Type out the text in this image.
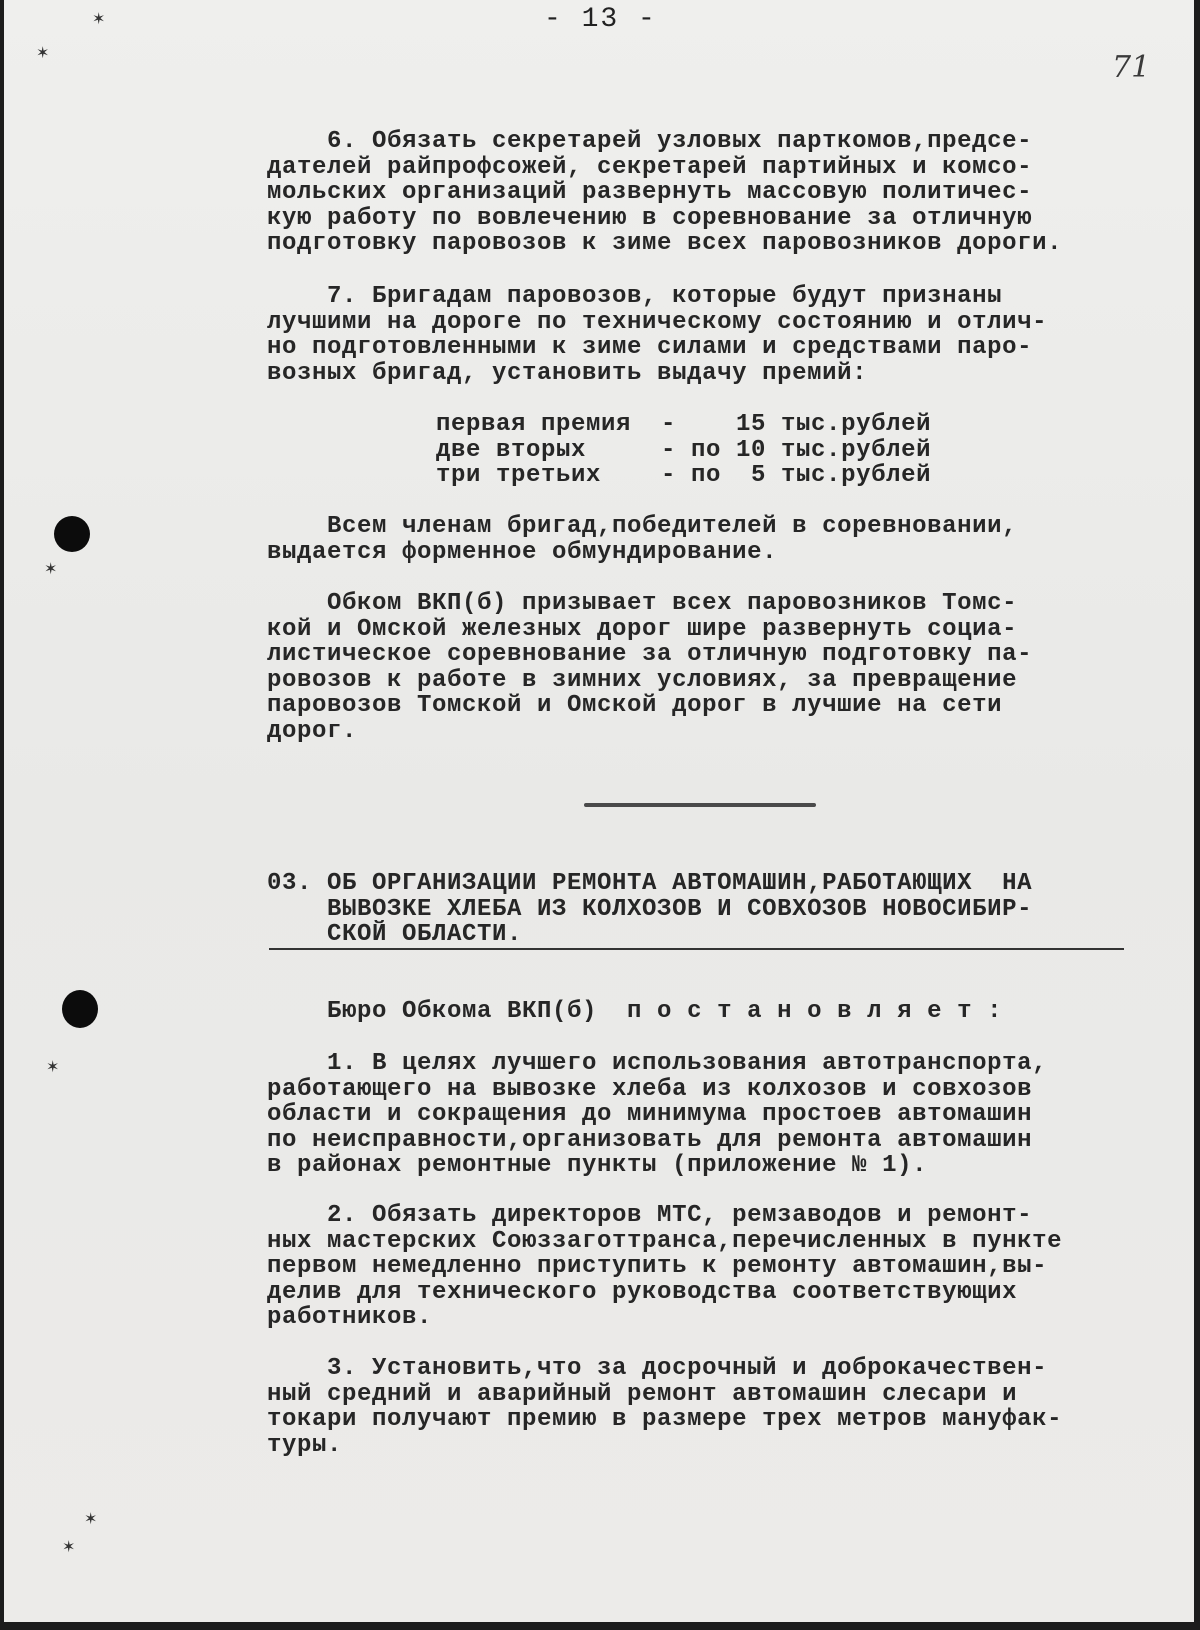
- 13 -
71
✶
✶
✶
✶
✶
✶
6. Обязать секретарей узловых парткомов,предсе-
дателей райпрофсожей, секретарей партийных и комсо-
мольских организаций развернуть массовую политичес-
кую работу по вовлечению в соревнование за отличную
подготовку паровозов к зиме всех паровозников дороги.
7. Бригадам паровозов, которые будут признаны
лучшими на дороге по техническому состоянию и отлич-
но подготовленными к зиме силами и средствами паро-
возных бригад, установить выдачу премий:
первая премия  -    15 тыс.рублей
две вторых     - по 10 тыс.рублей
три третьих    - по  5 тыс.рублей
Всем членам бригад,победителей в соревновании,
выдается форменное обмундирование.
Обком ВКП(б) призывает всех паровозников Томс-
кой и Омской железных дорог шире развернуть социа-
листическое соревнование за отличную подготовку па-
ровозов к работе в зимних условиях, за превращение
паровозов Томской и Омской дорог в лучшие на сети
дорог.
03. ОБ ОРГАНИЗАЦИИ РЕМОНТА АВТОМАШИН,РАБОТАЮЩИХ  НА
ВЫВОЗКЕ ХЛЕБА ИЗ КОЛХОЗОВ И СОВХОЗОВ НОВОСИБИР-
СКОЙ ОБЛАСТИ.
Бюро Обкома ВКП(б)  п о с т а н о в л я е т :
1. В целях лучшего использования автотранспорта,
работающего на вывозке хлеба из колхозов и совхозов
области и сокращения до минимума простоев автомашин
по неисправности,организовать для ремонта автомашин
в районах ремонтные пункты (приложение № 1).
2. Обязать директоров МТС, ремзаводов и ремонт-
ных мастерских Союззаготтранса,перечисленных в пункте
первом немедленно приступить к ремонту автомашин,вы-
делив для технического руководства соответствующих
работников.
3. Установить,что за досрочный и доброкачествен-
ный средний и аварийный ремонт автомашин слесари и
токари получают премию в размере трех метров мануфак-
туры.
